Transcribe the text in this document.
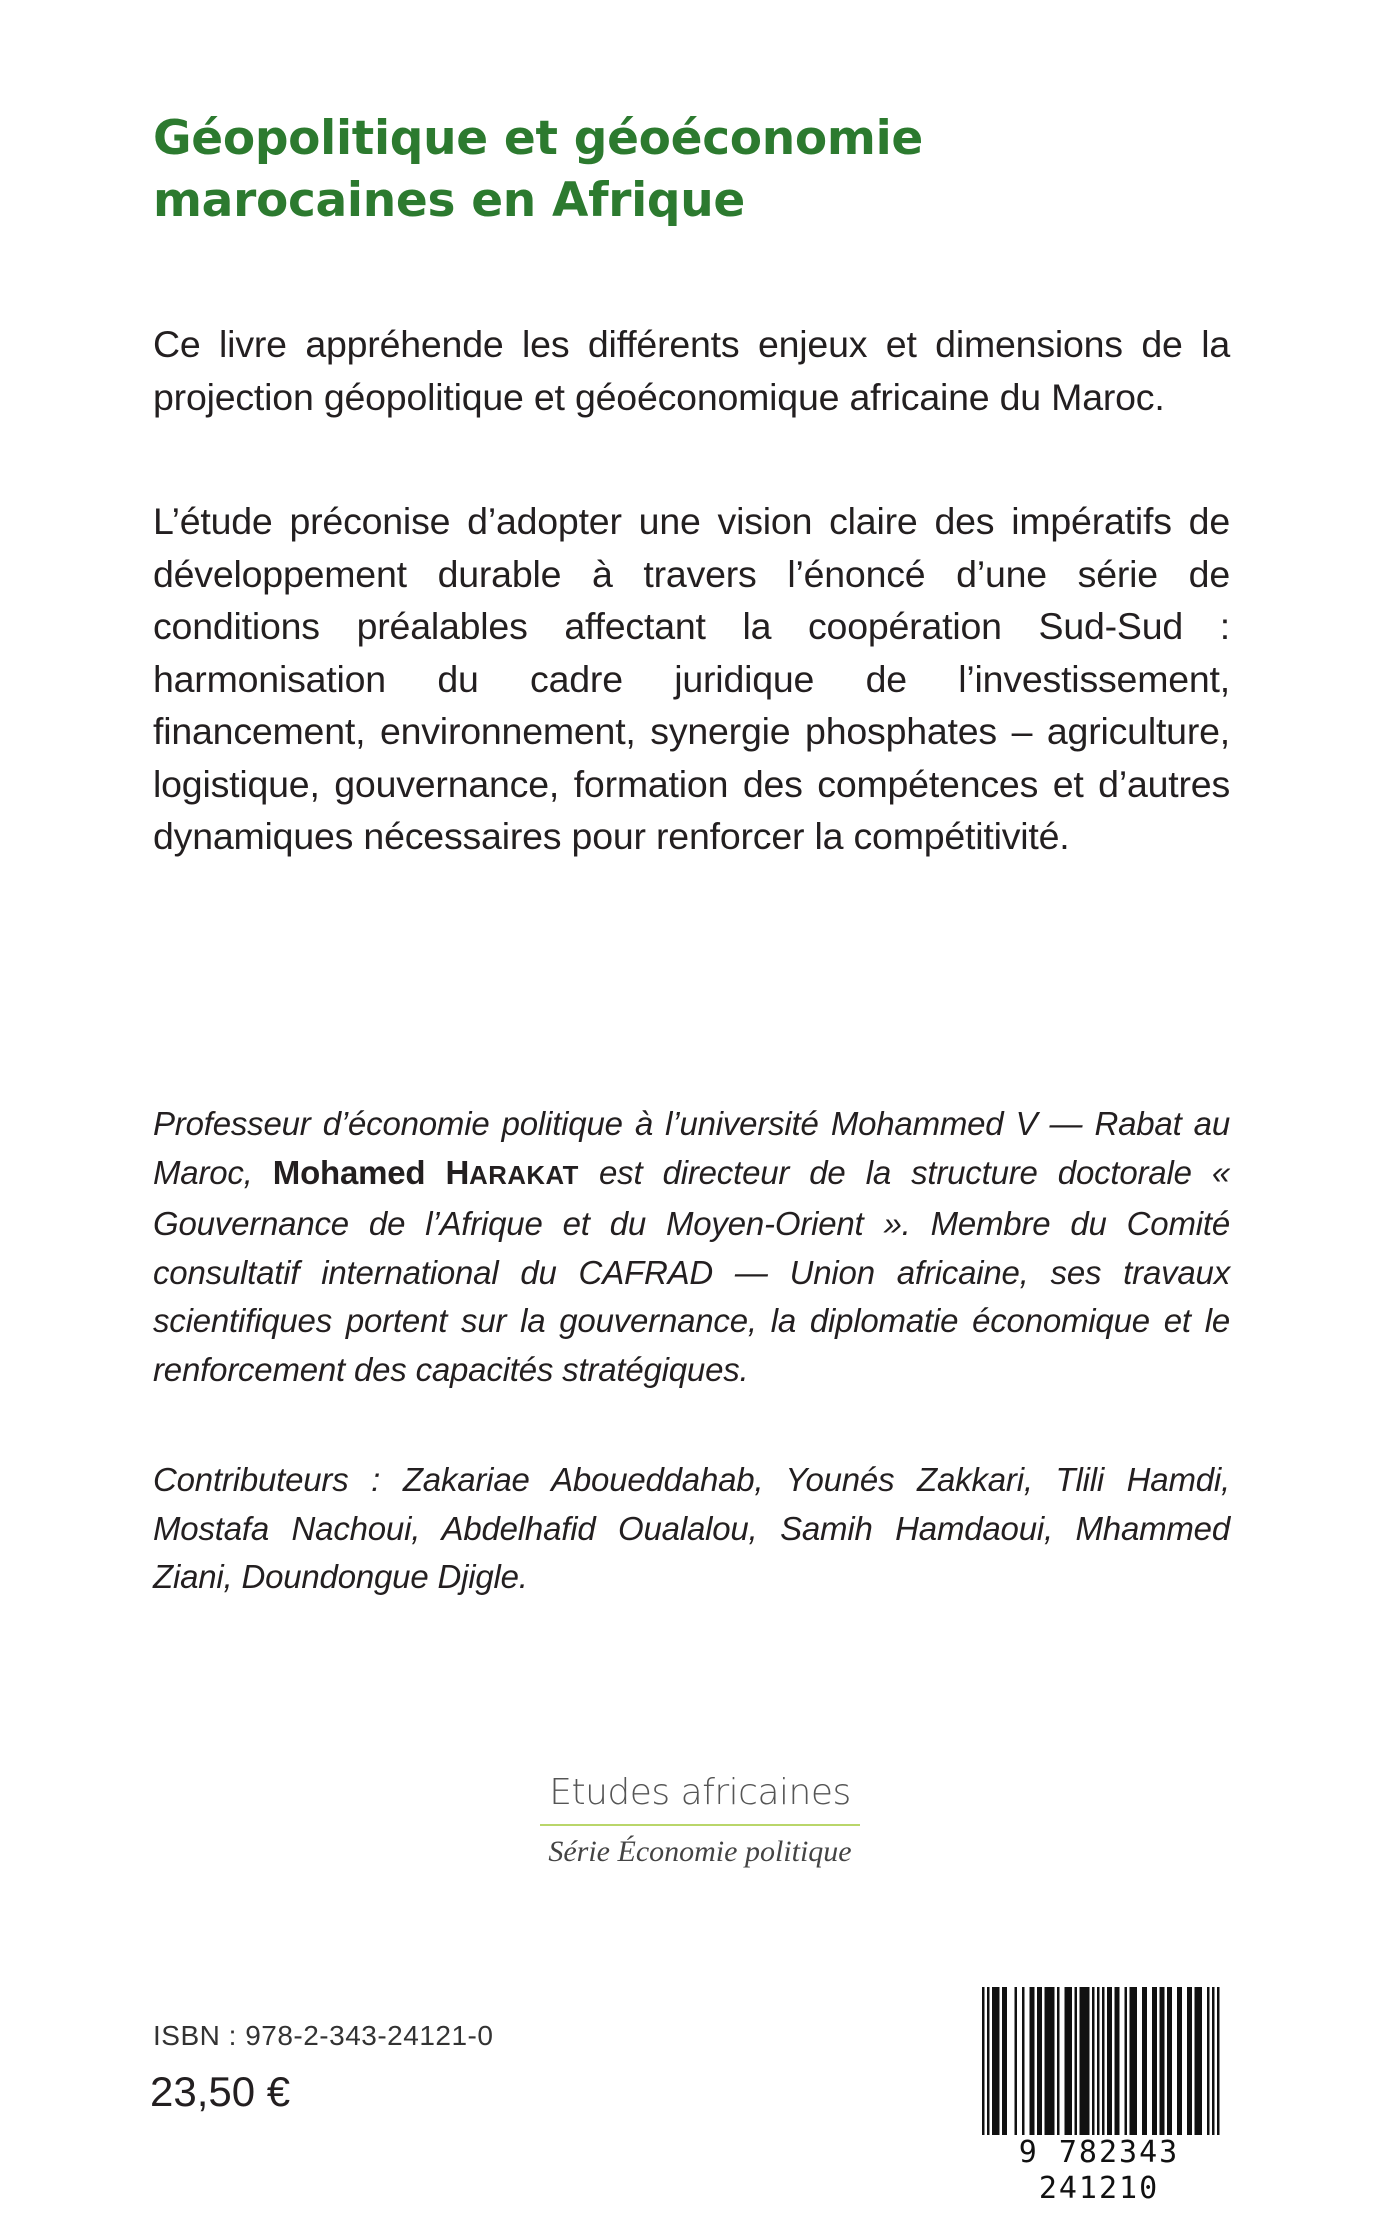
Géopolitique et géoéconomie
marocaines en Afrique

Ce livre appréhende les différents enjeux et dimensions de la projection géopolitique et géoéconomique africaine du Maroc.

L’étude préconise d’adopter une vision claire des impératifs de développement durable à travers l’énoncé d’une série de conditions préalables affectant la coopération Sud-Sud : harmonisation du cadre juridique de l’investissement, financement, environnement, synergie phosphates – agriculture, logistique, gouvernance, formation des compétences et d’autres dynamiques nécessaires pour renforcer la compétitivité.

Professeur d’économie politique à l’université Mohammed V — Rabat au Maroc, Mohamed HARAKAT est directeur de la structure doctorale « Gouvernance de l’Afrique et du Moyen-Orient ». Membre du Comité consultatif international du CAFRAD — Union africaine, ses travaux scientifiques portent sur la gouvernance, la diplomatie économique et le renforcement des capacités stratégiques.

Contributeurs : Zakariae Aboueddahab, Younés Zakkari, Tlili Hamdi, Mostafa Nachoui, Abdelhafid Oualalou, Samih Hamdaoui, Mhammed Ziani, Doundongue Djigle.

Etudes africaines
Série Économie politique
ISBN : 978-2-343-24121-0
23,50 €
9 782343 241210
